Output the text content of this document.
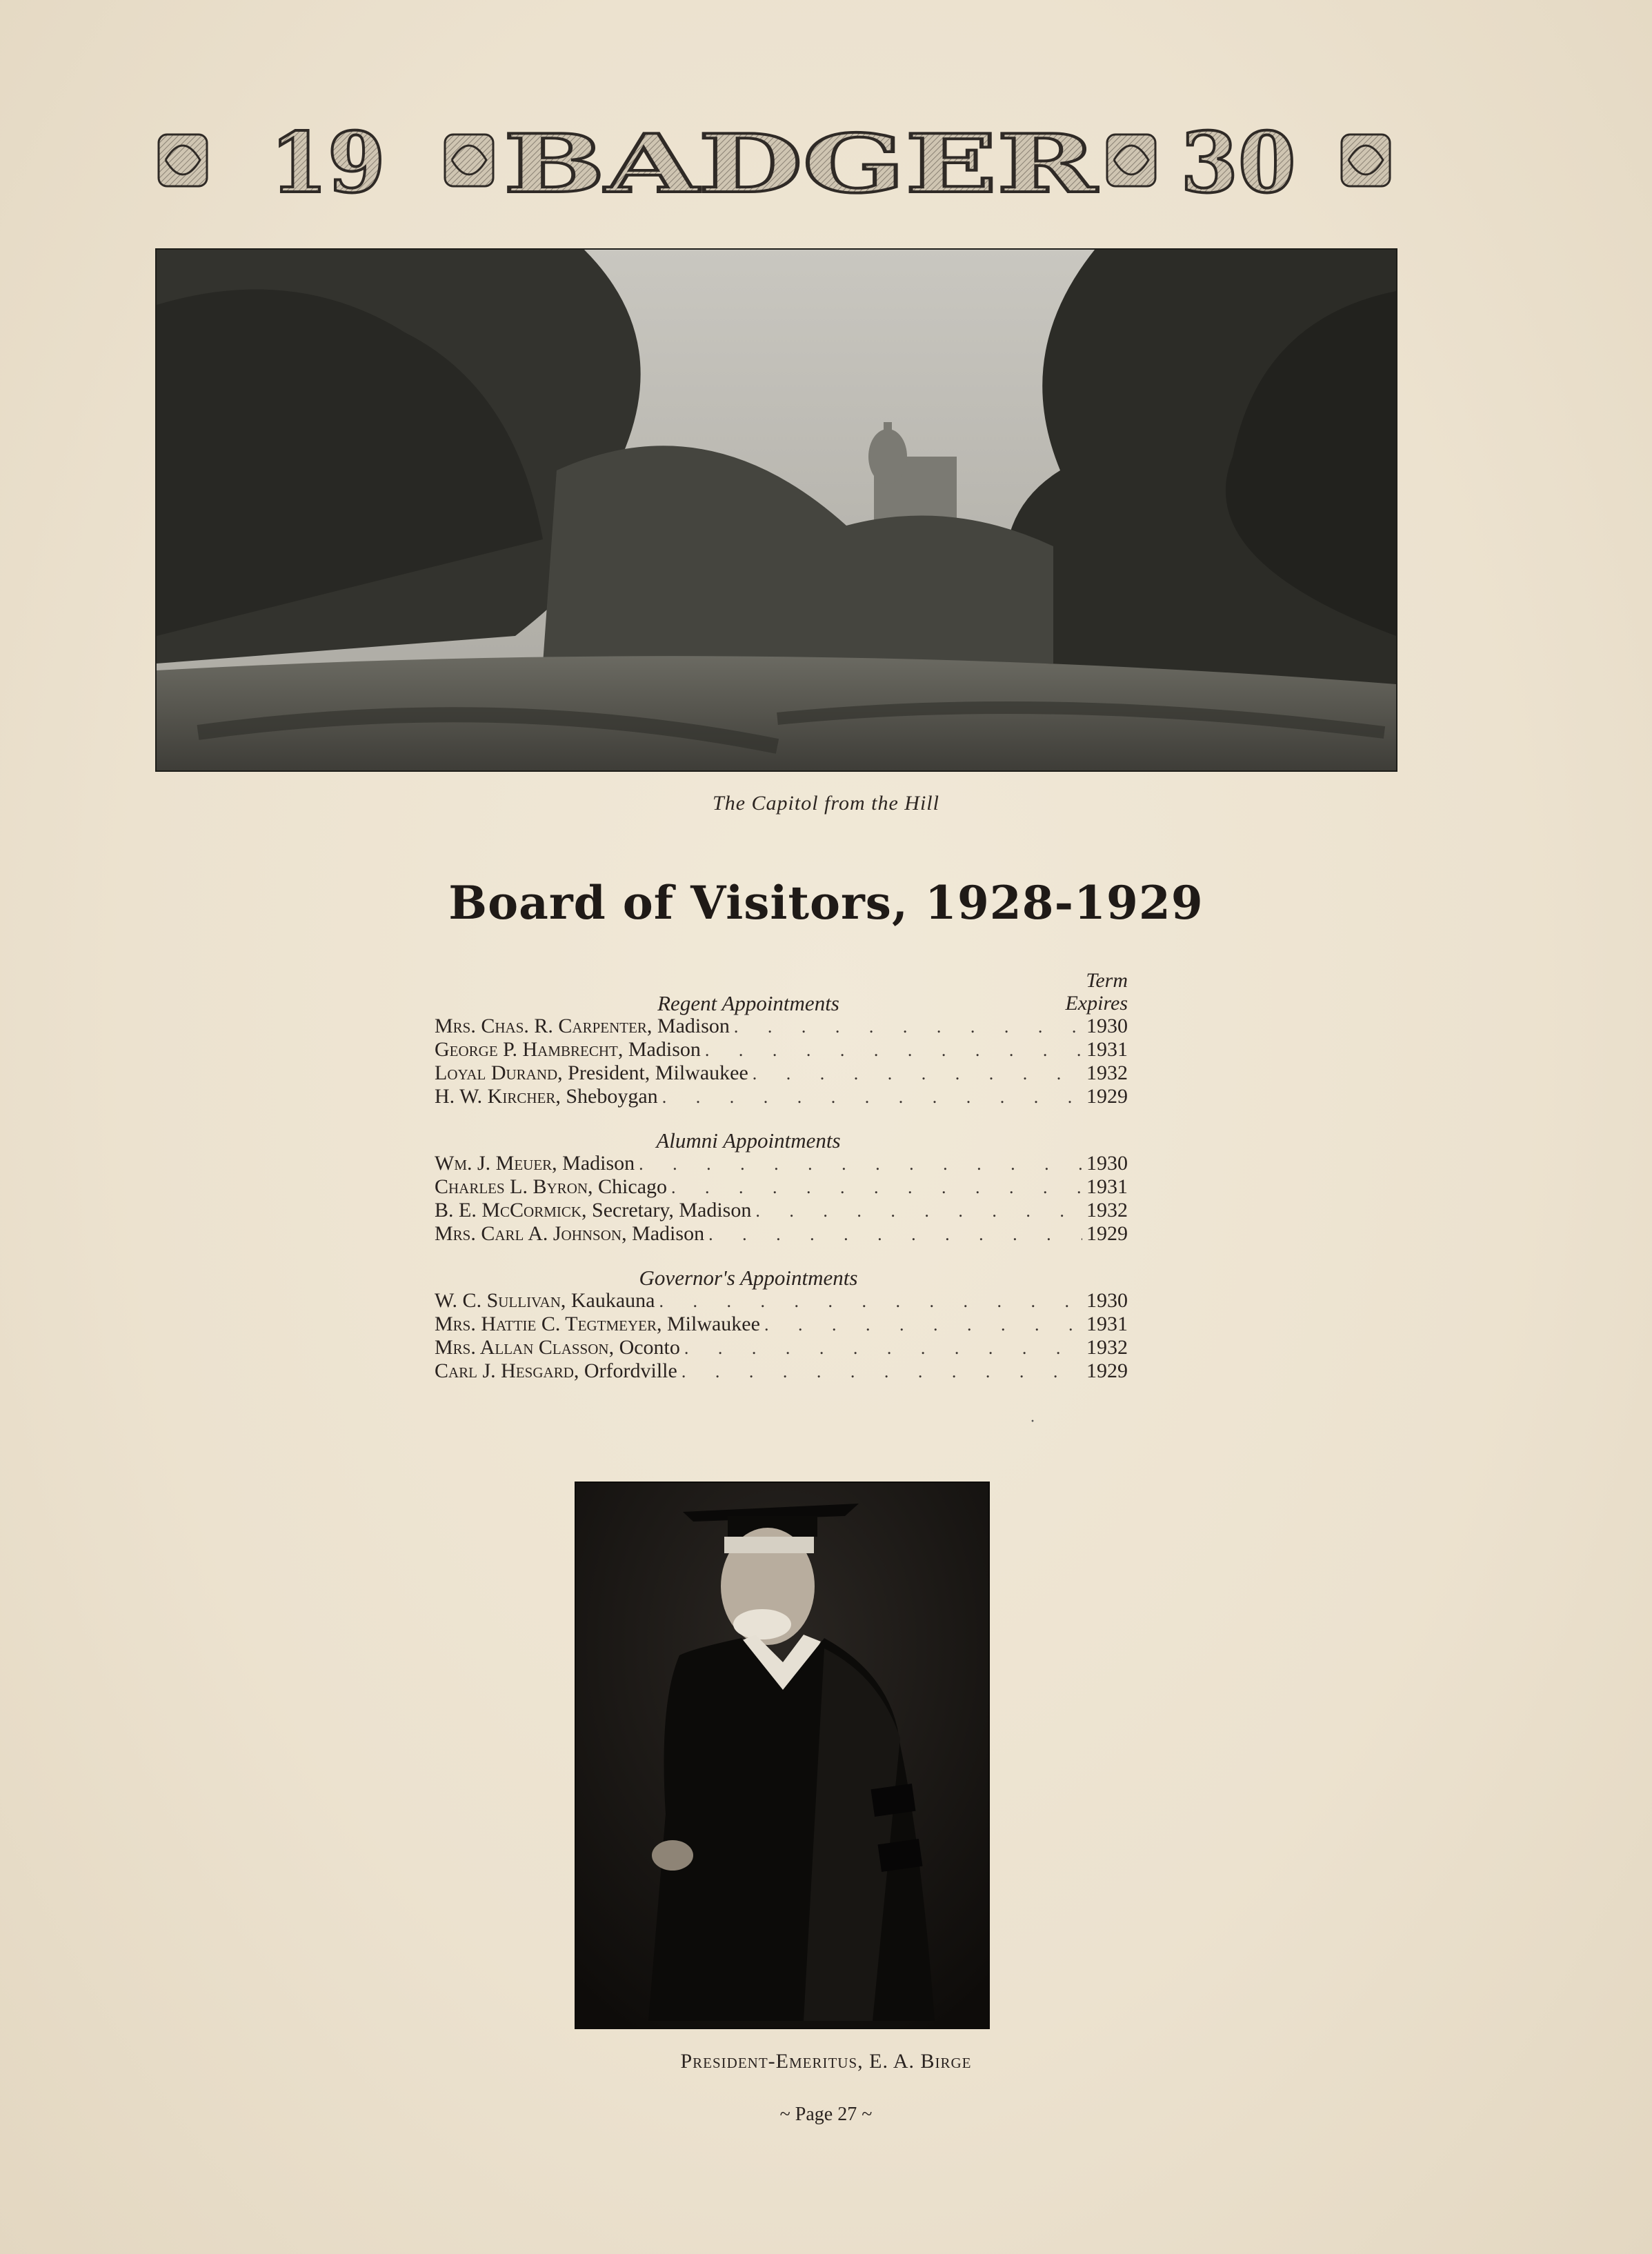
19 BADGER 30
The Capitol from the Hill
Board of Visitors, 1928-1929
Term
Expires
Regent Appointments
Mrs. Chas. R. Carpenter, Madison . . .	1930
George P. Hambrecht, Madison . . .	1931
Loyal Durand, President, Milwaukee . . .	1932
H. W. Kircher, Sheboygan . . .	1929
Alumni Appointments
Wm. J. Meuer, Madison . . .	1930
Charles L. Byron, Chicago . . .	1931
B. E. McCormick, Secretary, Madison . . .	1932
Mrs. Carl A. Johnson, Madison . . .	1929
Governor's Appointments
W. C. Sullivan, Kaukauna . . .	1930
Mrs. Hattie C. Tegtmeyer, Milwaukee . . .	1931
Mrs. Allan Classon, Oconto . . .	1932
Carl J. Hesgard, Orfordville . . .	1929
·
President-Emeritus, E. A. Birge
~ Page 27 ~
